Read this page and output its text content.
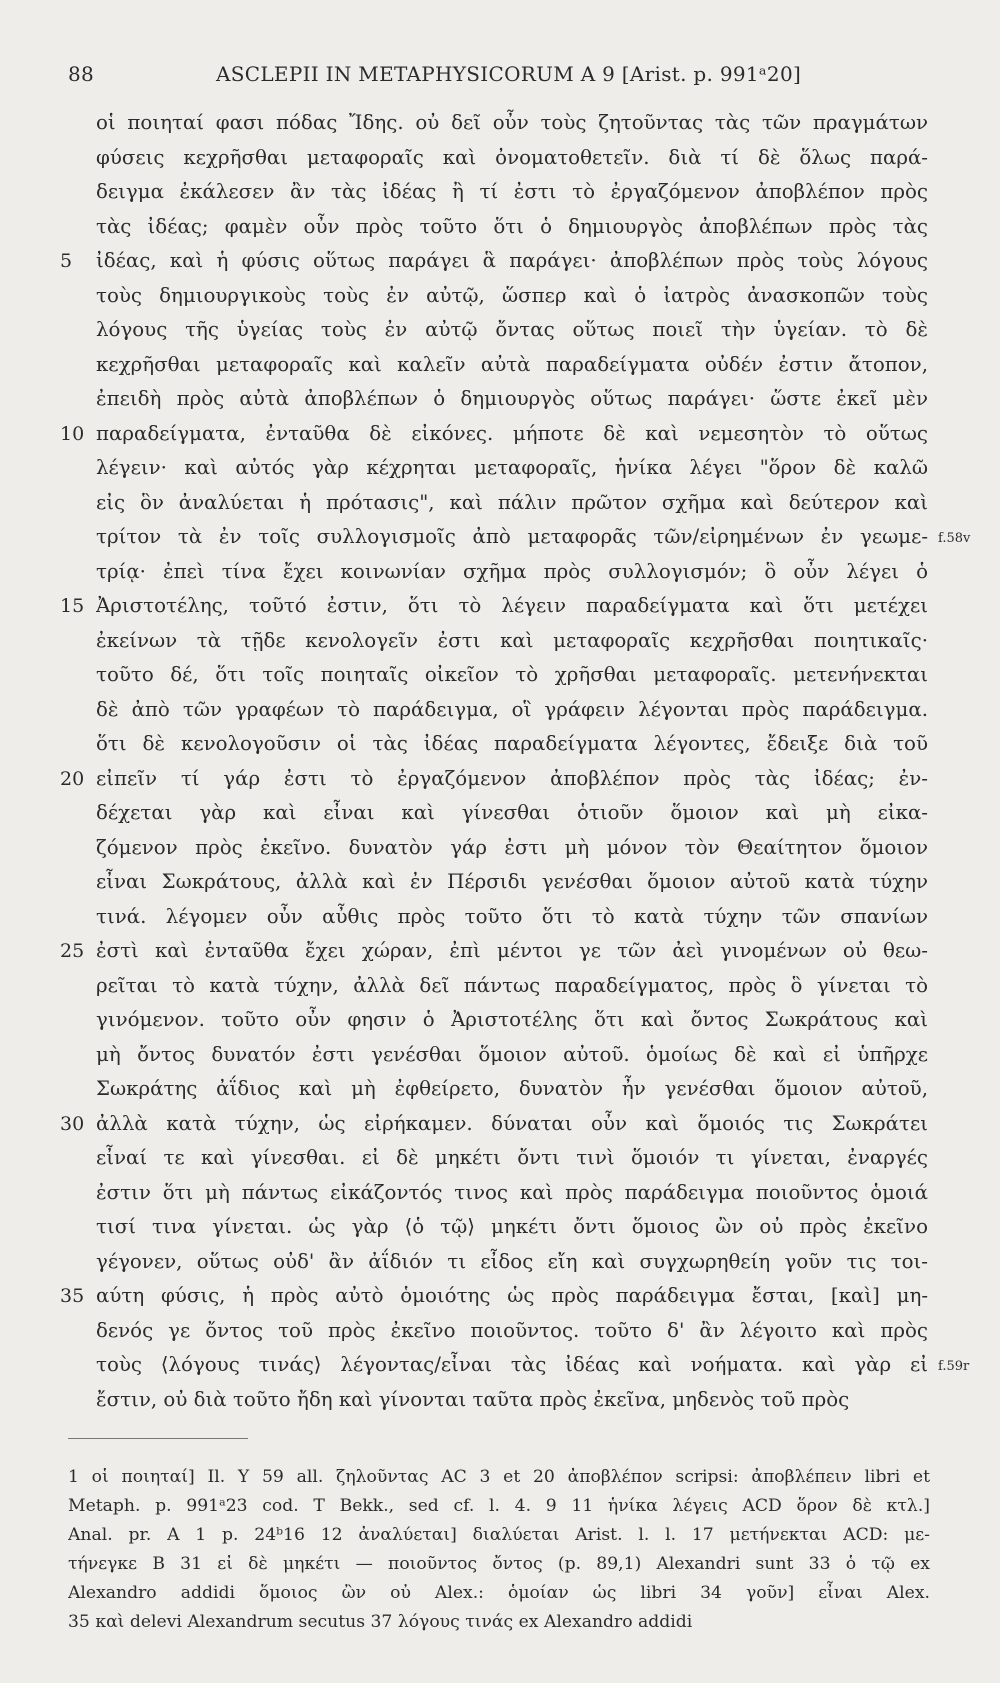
88	ASCLEPII IN METAPHYSICORUM A 9 [Arist. p. 991ᵃ20]
οἱ ποιηταί φασι πόδας Ἴδης. οὐ δεῖ οὖν τοὺς ζητοῦντας τὰς τῶν πραγμάτων
φύσεις κεχρῆσθαι μεταφοραῖς καὶ ὀνοματοθετεῖν. διὰ τί δὲ ὅλως παρά-
δειγμα ἐκάλεσεν ἂν τὰς ἰδέας ἢ τί ἐστι τὸ ἐργαζόμενον ἀποβλέπον πρὸς
τὰς ἰδέας; φαμὲν οὖν πρὸς τοῦτο ὅτι ὁ δημιουργὸς ἀποβλέπων πρὸς τὰς
5 ἰδέας, καὶ ἡ φύσις οὕτως παράγει ἃ παράγει· ἀποβλέπων πρὸς τοὺς λόγους
τοὺς δημιουργικοὺς τοὺς ἐν αὐτῷ, ὥσπερ καὶ ὁ ἰατρὸς ἀνασκοπῶν τοὺς
λόγους τῆς ὑγείας τοὺς ἐν αὐτῷ ὄντας οὕτως ποιεῖ τὴν ὑγείαν. τὸ δὲ
κεχρῆσθαι μεταφοραῖς καὶ καλεῖν αὐτὰ παραδείγματα οὐδέν ἐστιν ἄτοπον,
ἐπειδὴ πρὸς αὐτὰ ἀποβλέπων ὁ δημιουργὸς οὕτως παράγει· ὥστε ἐκεῖ μὲν
10 παραδείγματα, ἐνταῦθα δὲ εἰκόνες. μήποτε δὲ καὶ νεμεσητὸν τὸ οὕτως
λέγειν· καὶ αὐτός γὰρ κέχρηται μεταφοραῖς, ἡνίκα λέγει "ὅρον δὲ καλῶ
εἰς ὃν ἀναλύεται ἡ πρότασις", καὶ πάλιν πρῶτον σχῆμα καὶ δεύτερον καὶ
τρίτον τὰ ἐν τοῖς συλλογισμοῖς ἀπὸ μεταφορᾶς τῶν/εἰρημένων ἐν γεωμε- f.58v
τρίᾳ· ἐπεὶ τίνα ἔχει κοινωνίαν σχῆμα πρὸς συλλογισμόν; ὃ οὖν λέγει ὁ
15 Ἀριστοτέλης, τοῦτό ἐστιν, ὅτι τὸ λέγειν παραδείγματα καὶ ὅτι μετέχει
ἐκείνων τὰ τῇδε κενολογεῖν ἐστι καὶ μεταφοραῖς κεχρῆσθαι ποιητικαῖς·
τοῦτο δέ, ὅτι τοῖς ποιηταῖς οἰκεῖον τὸ χρῆσθαι μεταφοραῖς. μετενήνεκται
δὲ ἀπὸ τῶν γραφέων τὸ παράδειγμα, οἳ γράφειν λέγονται πρὸς παράδειγμα.
ὅτι δὲ κενολογοῦσιν οἱ τὰς ἰδέας παραδείγματα λέγοντες, ἔδειξε διὰ τοῦ
20 εἰπεῖν τί γάρ ἐστι τὸ ἐργαζόμενον ἀποβλέπον πρὸς τὰς ἰδέας; ἐν-
δέχεται γὰρ καὶ εἶναι καὶ γίνεσθαι ὁτιοῦν ὅμοιον καὶ μὴ εἰκα-
ζόμενον πρὸς ἐκεῖνο. δυνατὸν γάρ ἐστι μὴ μόνον τὸν Θεαίτητον ὅμοιον
εἶναι Σωκράτους, ἀλλὰ καὶ ἐν Πέρσιδι γενέσθαι ὅμοιον αὐτοῦ κατὰ τύχην
τινά. λέγομεν οὖν αὖθις πρὸς τοῦτο ὅτι τὸ κατὰ τύχην τῶν σπανίων
25 ἐστὶ καὶ ἐνταῦθα ἔχει χώραν, ἐπὶ μέντοι γε τῶν ἀεὶ γινομένων οὐ θεω-
ρεῖται τὸ κατὰ τύχην, ἀλλὰ δεῖ πάντως παραδείγματος, πρὸς ὃ γίνεται τὸ
γινόμενον. τοῦτο οὖν φησιν ὁ Ἀριστοτέλης ὅτι καὶ ὄντος Σωκράτους καὶ
μὴ ὄντος δυνατόν ἐστι γενέσθαι ὅμοιον αὐτοῦ. ὁμοίως δὲ καὶ εἰ ὑπῆρχε
Σωκράτης ἀΐδιος καὶ μὴ ἐφθείρετο, δυνατὸν ἦν γενέσθαι ὅμοιον αὐτοῦ,
30 ἀλλὰ κατὰ τύχην, ὡς εἰρήκαμεν. δύναται οὖν καὶ ὅμοιός τις Σωκράτει
εἶναί τε καὶ γίνεσθαι. εἰ δὲ μηκέτι ὄντι τινὶ ὅμοιόν τι γίνεται, ἐναργές
ἐστιν ὅτι μὴ πάντως εἰκάζοντός τινος καὶ πρὸς παράδειγμα ποιοῦντος ὁμοιά
τισί τινα γίνεται. ὡς γὰρ ⟨ὁ τῷ⟩ μηκέτι ὄντι ὅμοιος ὢν οὐ πρὸς ἐκεῖνο
γέγονεν, οὕτως οὐδ' ἂν ἀΐδιόν τι εἶδος εἴη καὶ συγχωρηθείη γοῦν τις τοι-
35 αύτη φύσις, ἡ πρὸς αὐτὸ ὁμοιότης ὡς πρὸς παράδειγμα ἔσται, [καὶ] μη-
δενός γε ὄντος τοῦ πρὸς ἐκεῖνο ποιοῦντος. τοῦτο δ' ἂν λέγοιτο καὶ πρὸς
τοὺς ⟨λόγους τινάς⟩ λέγοντας/εἶναι τὰς ἰδέας καὶ νοήματα. καὶ γὰρ εἰ f.59r
ἔστιν, οὐ διὰ τοῦτο ἤδη καὶ γίνονται ταῦτα πρὸς ἐκεῖνα, μηδενὸς τοῦ πρὸς
1 οἱ ποιηταί] Il. Υ 59 all. ζηλοῦντας AC 3 et 20 ἀποβλέπον scripsi: ἀποβλέπειν libri et
Metaph. p. 991ᵃ23 cod. T Bekk., sed cf. l. 4. 9 11 ἡνίκα λέγεις ACD ὅρον δὲ κτλ.]
Anal. pr. A 1 p. 24ᵇ16 12 ἀναλύεται] διαλύεται Arist. l. l. 17 μετήνεκται ACD: με-
τήνεγκε B 31 εἰ δὲ μηκέτι — ποιοῦντος ὄντος (p. 89,1) Alexandri sunt 33 ὁ τῷ ex
Alexandro addidi ὅμοιος ὢν οὐ Alex.: ὁμοίαν ὡς libri 34 γοῦν] εἶναι Alex.
35 καὶ delevi Alexandrum secutus 37 λόγους τινάς ex Alexandro addidi
